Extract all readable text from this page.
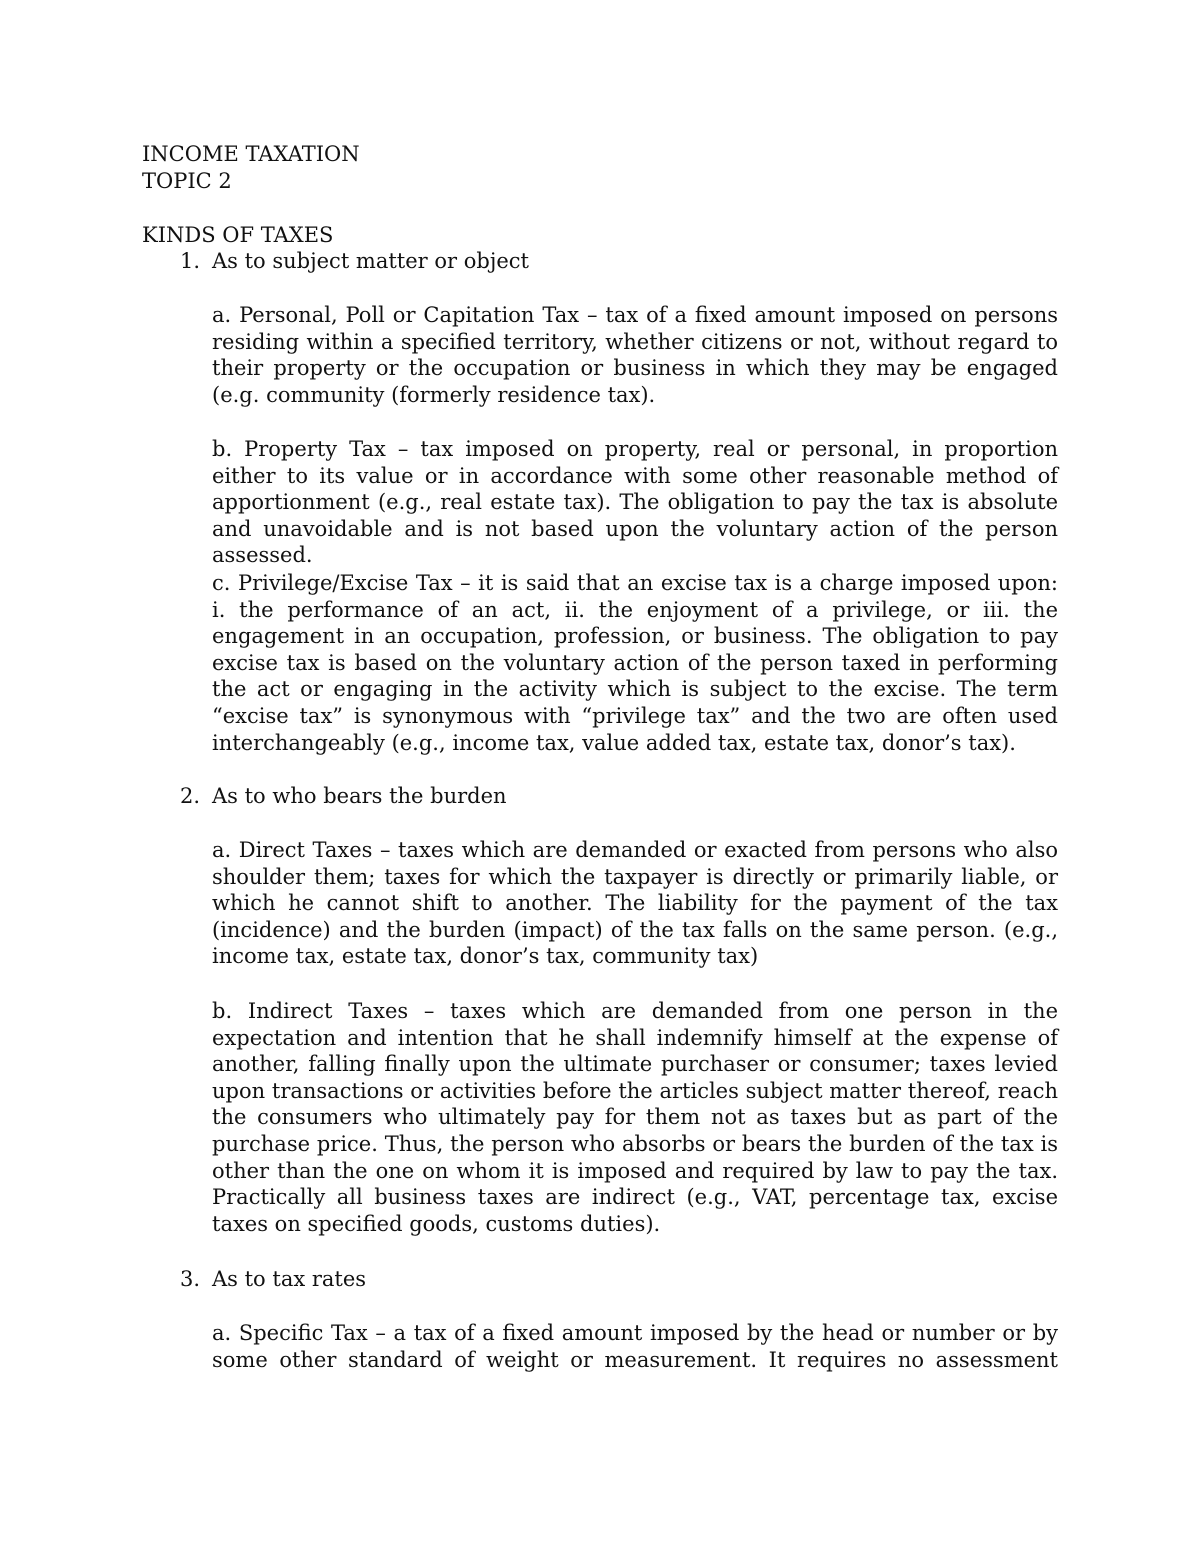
INCOME TAXATION
TOPIC 2
KINDS OF TAXES
1. As to subject matter or object

a. Personal, Poll or Capitation Tax – tax of a fixed amount imposed on persons residing within a specified territory, whether citizens or not, without regard to their property or the occupation or business in which they may be engaged (e.g. community (formerly residence tax).

b. Property Tax – tax imposed on property, real or personal, in proportion either to its value or in accordance with some other reasonable method of apportionment (e.g., real estate tax). The obligation to pay the tax is absolute and unavoidable and is not based upon the voluntary action of the person assessed.

c. Privilege/Excise Tax – it is said that an excise tax is a charge imposed upon: i. the performance of an act, ii. the enjoyment of a privilege, or iii. the engagement in an occupation, profession, or business. The obligation to pay excise tax is based on the voluntary action of the person taxed in performing the act or engaging in the activity which is subject to the excise. The term “excise tax” is synonymous with “privilege tax” and the two are often used interchangeably (e.g., income tax, value added tax, estate tax, donor’s tax).

2. As to who bears the burden

a. Direct Taxes – taxes which are demanded or exacted from persons who also shoulder them; taxes for which the taxpayer is directly or primarily liable, or which he cannot shift to another. The liability for the payment of the tax (incidence) and the burden (impact) of the tax falls on the same person. (e.g., income tax, estate tax, donor’s tax, community tax)

b. Indirect Taxes – taxes which are demanded from one person in the expectation and intention that he shall indemnify himself at the expense of another, falling finally upon the ultimate purchaser or consumer; taxes levied upon transactions or activities before the articles subject matter thereof, reach the consumers who ultimately pay for them not as taxes but as part of the purchase price. Thus, the person who absorbs or bears the burden of the tax is other than the one on whom it is imposed and required by law to pay the tax. Practically all business taxes are indirect (e.g., VAT, percentage tax, excise taxes on specified goods, customs duties).

3. As to tax rates

a. Specific Tax – a tax of a fixed amount imposed by the head or number or by some other standard of weight or measurement. It requires no assessment
